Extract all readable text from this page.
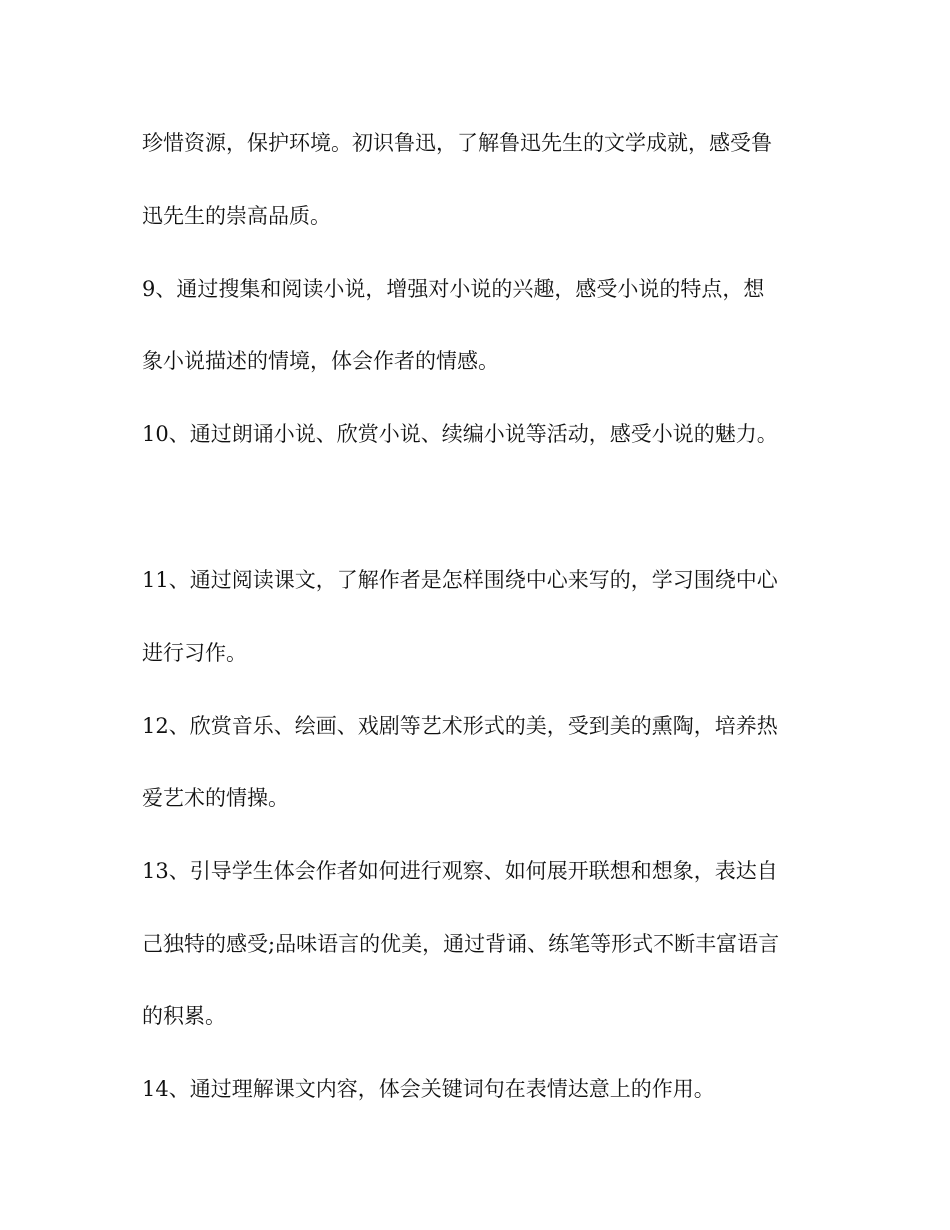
珍惜资源，保护环境。初识鲁迅，了解鲁迅先生的文学成就，感受鲁
迅先生的崇高品质。
9、通过搜集和阅读小说，增强对小说的兴趣，感受小说的特点，想
象小说描述的情境，体会作者的情感。
10、通过朗诵小说、欣赏小说、续编小说等活动，感受小说的魅力。
11、通过阅读课文，了解作者是怎样围绕中心来写的，学习围绕中心
进行习作。
12、欣赏音乐、绘画、戏剧等艺术形式的美，受到美的熏陶，培养热
爱艺术的情操。
13、引导学生体会作者如何进行观察、如何展开联想和想象，表达自
己独特的感受;品味语言的优美，通过背诵、练笔等形式不断丰富语言
的积累。
14、通过理解课文内容，体会关键词句在表情达意上的作用。
